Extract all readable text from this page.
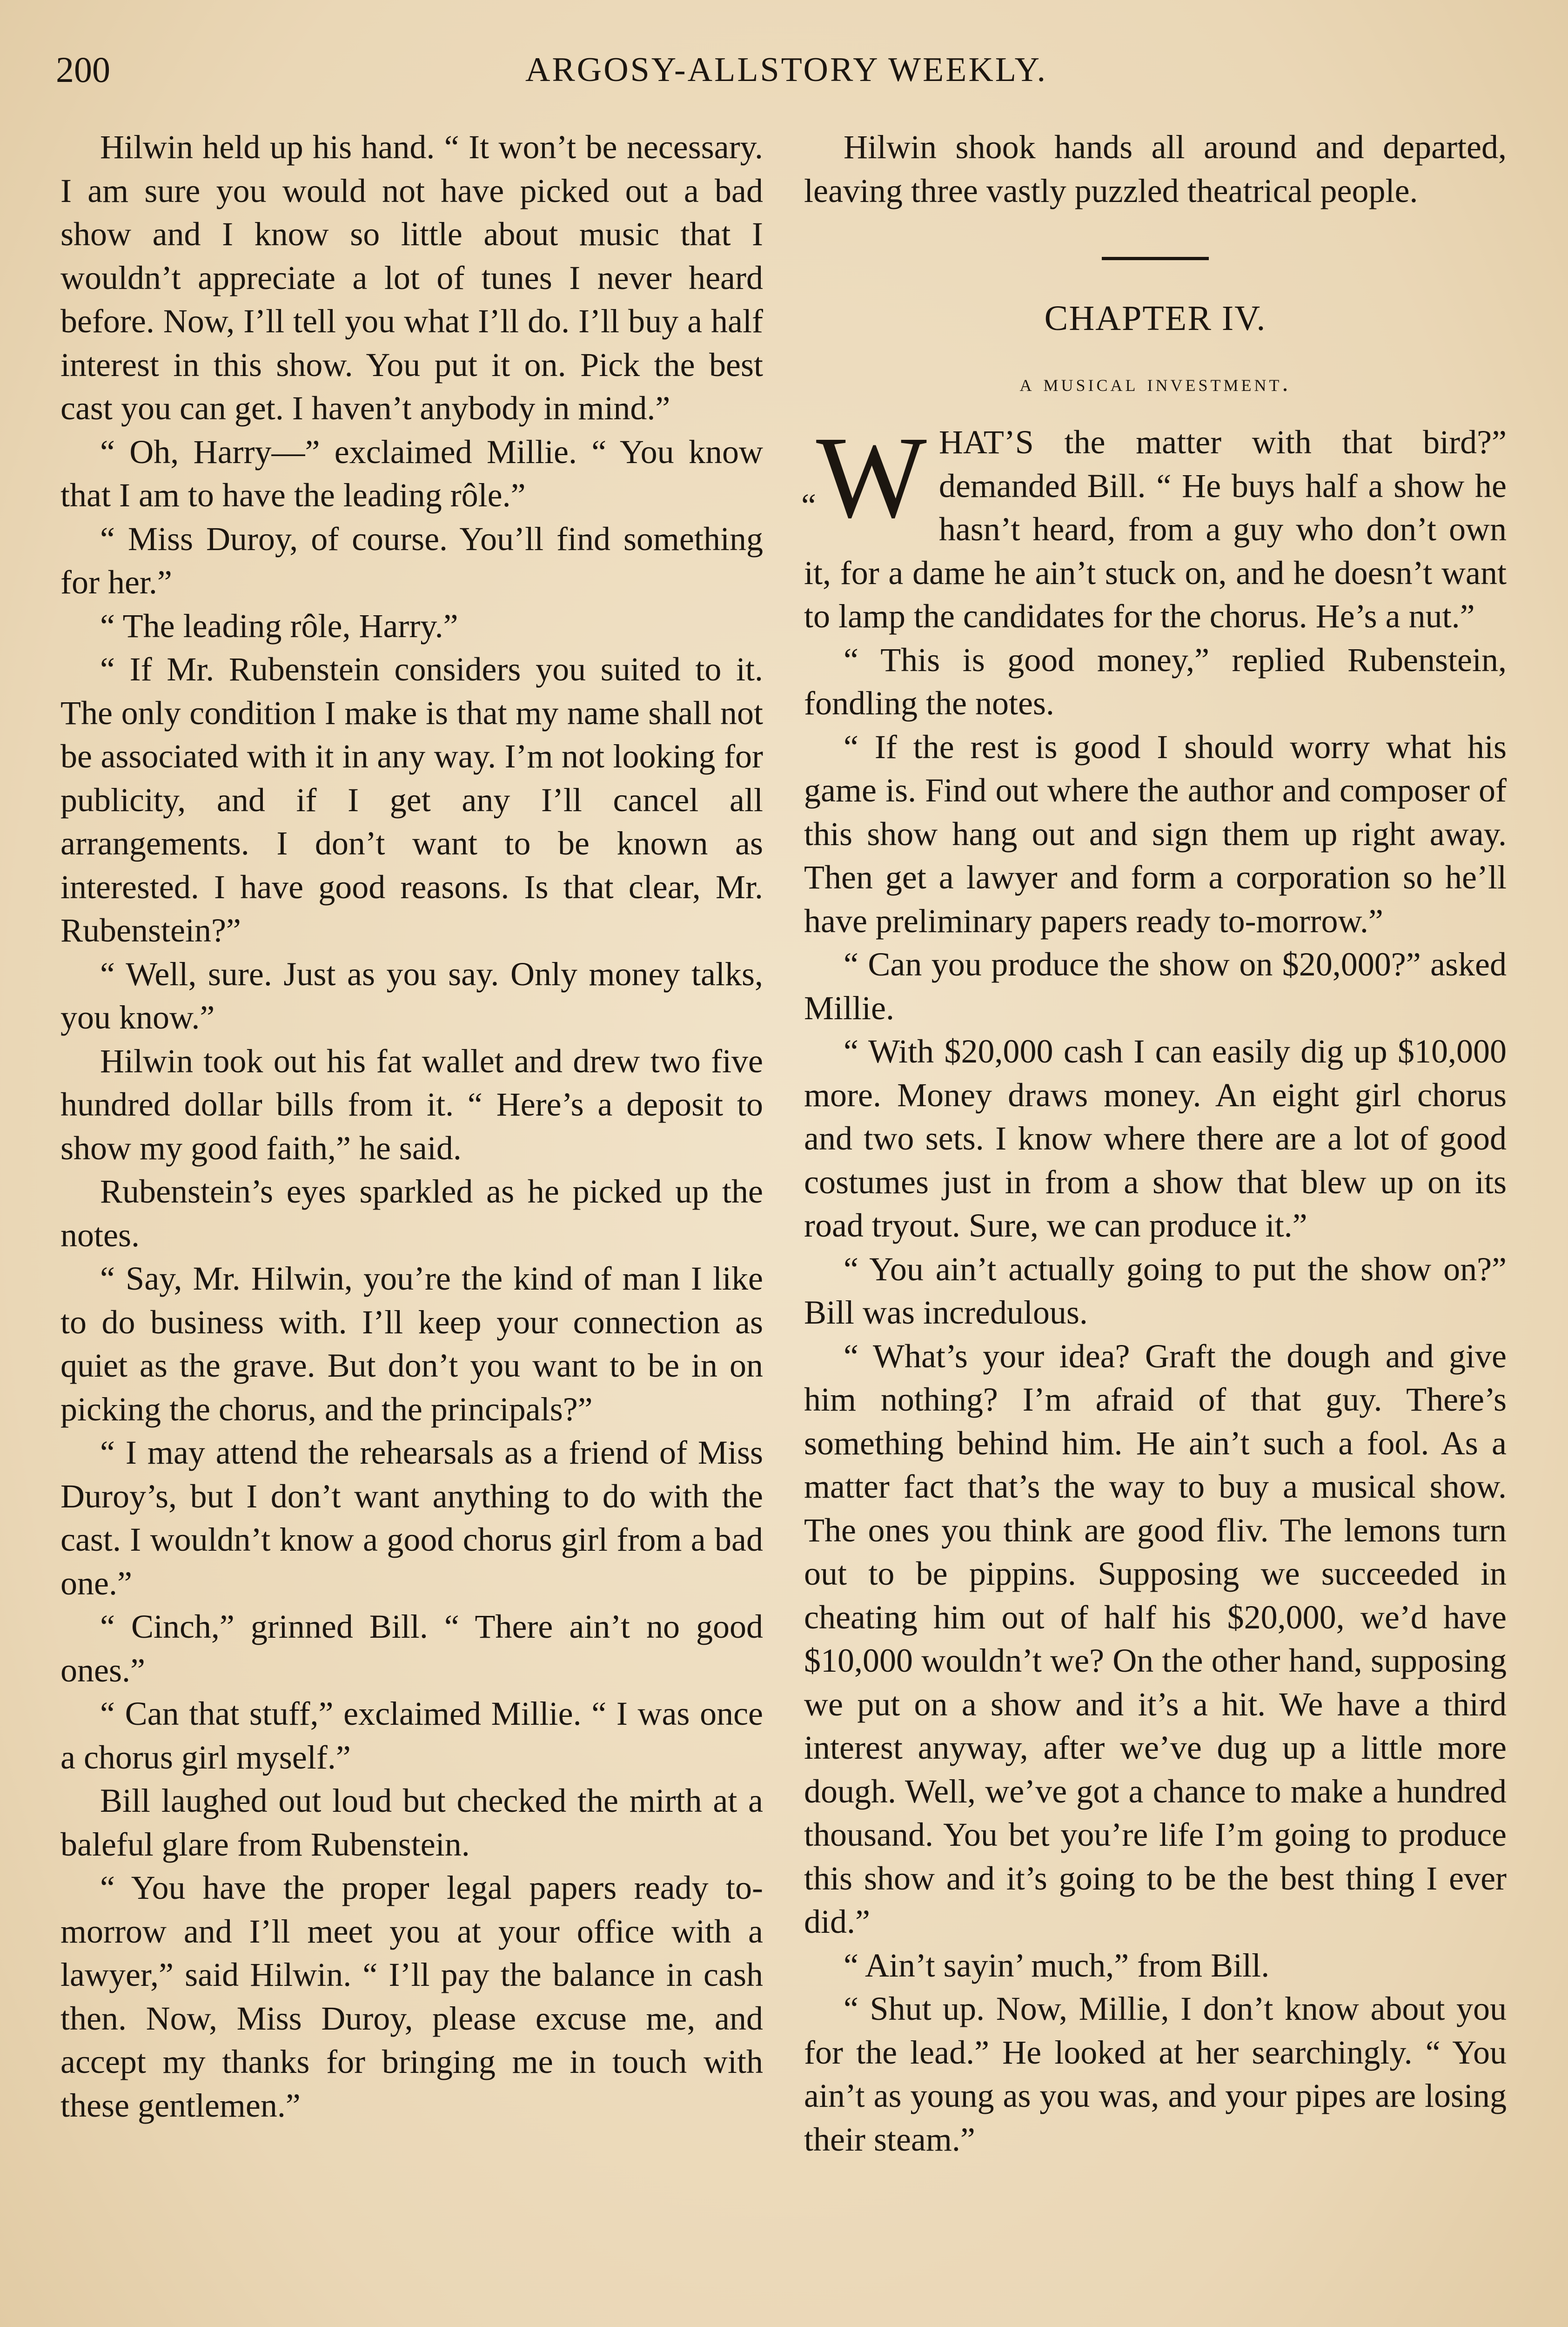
200	ARGOSY-ALLSTORY WEEKLY.

Hilwin held up his hand. “ It won’t be necessary. I am sure you would not have picked out a bad show and I know so little about music that I wouldn’t appreciate a lot of tunes I never heard before. Now, I’ll tell you what I’ll do. I’ll buy a half interest in this show. You put it on. Pick the best cast you can get. I haven’t anybody in mind.”

“ Oh, Harry—” exclaimed Millie. “ You know that I am to have the leading rôle.”

“ Miss Duroy, of course. You’ll find something for her.”

“ The leading rôle, Harry.”

“ If Mr. Rubenstein considers you suited to it. The only condition I make is that my name shall not be associated with it in any way. I’m not looking for publicity, and if I get any I’ll cancel all arrangements. I don’t want to be known as interested. I have good reasons. Is that clear, Mr. Rubenstein?”

“ Well, sure. Just as you say. Only money talks, you know.”

Hilwin took out his fat wallet and drew two five hundred dollar bills from it. “ Here’s a deposit to show my good faith,” he said.

Rubenstein’s eyes sparkled as he picked up the notes.

“ Say, Mr. Hilwin, you’re the kind of man I like to do business with. I’ll keep your connection as quiet as the grave. But don’t you want to be in on picking the chorus, and the principals?”

“ I may attend the rehearsals as a friend of Miss Duroy’s, but I don’t want anything to do with the cast. I wouldn’t know a good chorus girl from a bad one.”

“ Cinch,” grinned Bill. “ There ain’t no good ones.”

“ Can that stuff,” exclaimed Millie. “ I was once a chorus girl myself.”

Bill laughed out loud but checked the mirth at a baleful glare from Rubenstein.

“ You have the proper legal papers ready to-morrow and I’ll meet you at your office with a lawyer,” said Hilwin. “ I’ll pay the balance in cash then. Now, Miss Duroy, please excuse me, and accept my thanks for bringing me in touch with these gentlemen.”

Hilwin shook hands all around and departed, leaving three vastly puzzled theatrical people.

CHAPTER IV.

a musical investment.

“W HAT’S the matter with that bird?” demanded Bill. “ He buys half a show he hasn’t heard, from a guy who don’t own it, for a dame he ain’t stuck on, and he doesn’t want to lamp the candidates for the chorus. He’s a nut.”

“ This is good money,” replied Rubenstein, fondling the notes.

“ If the rest is good I should worry what his game is. Find out where the author and composer of this show hang out and sign them up right away. Then get a lawyer and form a corporation so he’ll have preliminary papers ready to-morrow.”

“ Can you produce the show on $20,000?” asked Millie.

“ With $20,000 cash I can easily dig up $10,000 more. Money draws money. An eight girl chorus and two sets. I know where there are a lot of good costumes just in from a show that blew up on its road tryout. Sure, we can produce it.”

“ You ain’t actually going to put the show on?” Bill was incredulous.

“ What’s your idea? Graft the dough and give him nothing? I’m afraid of that guy. There’s something behind him. He ain’t such a fool. As a matter fact that’s the way to buy a musical show. The ones you think are good fliv. The lemons turn out to be pippins. Supposing we succeeded in cheating him out of half his $20,000, we’d have $10,000 wouldn’t we? On the other hand, supposing we put on a show and it’s a hit. We have a third interest anyway, after we’ve dug up a little more dough. Well, we’ve got a chance to make a hundred thousand. You bet you’re life I’m going to produce this show and it’s going to be the best thing I ever did.”

“ Ain’t sayin’ much,” from Bill.

“ Shut up. Now, Millie, I don’t know about you for the lead.” He looked at her searchingly. “ You ain’t as young as you was, and your pipes are losing their steam.”
